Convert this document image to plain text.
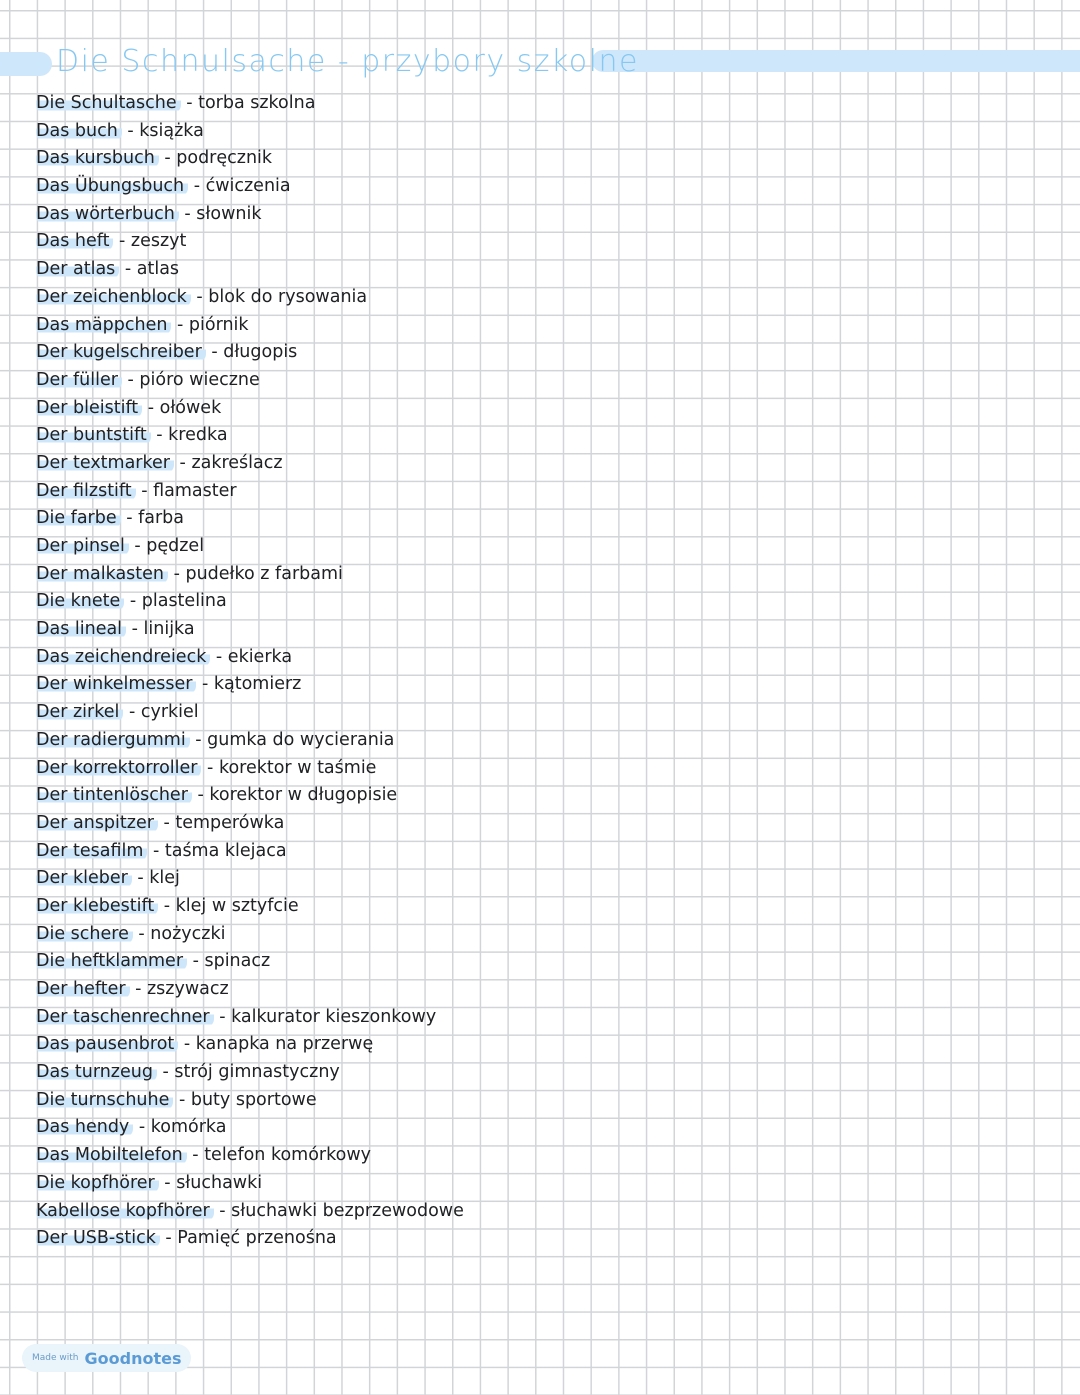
Die Schnulsache - przybory szkolne
Die Schultasche - torba szkolna
Das buch - książka
Das kursbuch - podręcznik
Das Übungsbuch - ćwiczenia
Das wörterbuch - słownik
Das heft - zeszyt
Der atlas - atlas
Der zeichenblock - blok do rysowania
Das mäppchen - piórnik
Der kugelschreiber - długopis
Der füller - pióro wieczne
Der bleistift - ołówek
Der buntstift - kredka
Der textmarker - zakreślacz
Der filzstift - flamaster
Die farbe - farba
Der pinsel - pędzel
Der malkasten - pudełko z farbami
Die knete - plastelina
Das lineal - linijka
Das zeichendreieck - ekierka
Der winkelmesser - kątomierz
Der zirkel - cyrkiel
Der radiergummi - gumka do wycierania
Der korrektorroller - korektor w taśmie
Der tintenlöscher - korektor w długopisie
Der anspitzer - temperówka
Der tesafilm - taśma klejaca
Der kleber - klej
Der klebestift - klej w sztyfcie
Die schere - nożyczki
Die heftklammer - spinacz
Der hefter - zszywacz
Der taschenrechner - kalkurator kieszonkowy
Das pausenbrot - kanapka na przerwę
Das turnzeug - strój gimnastyczny
Die turnschuhe - buty sportowe
Das hendy - komórka
Das Mobiltelefon - telefon komórkowy
Die kopfhörer - słuchawki
Kabellose kopfhörer - słuchawki bezprzewodowe
Der USB-stick - Pamięć przenośna
Made with Goodnotes
